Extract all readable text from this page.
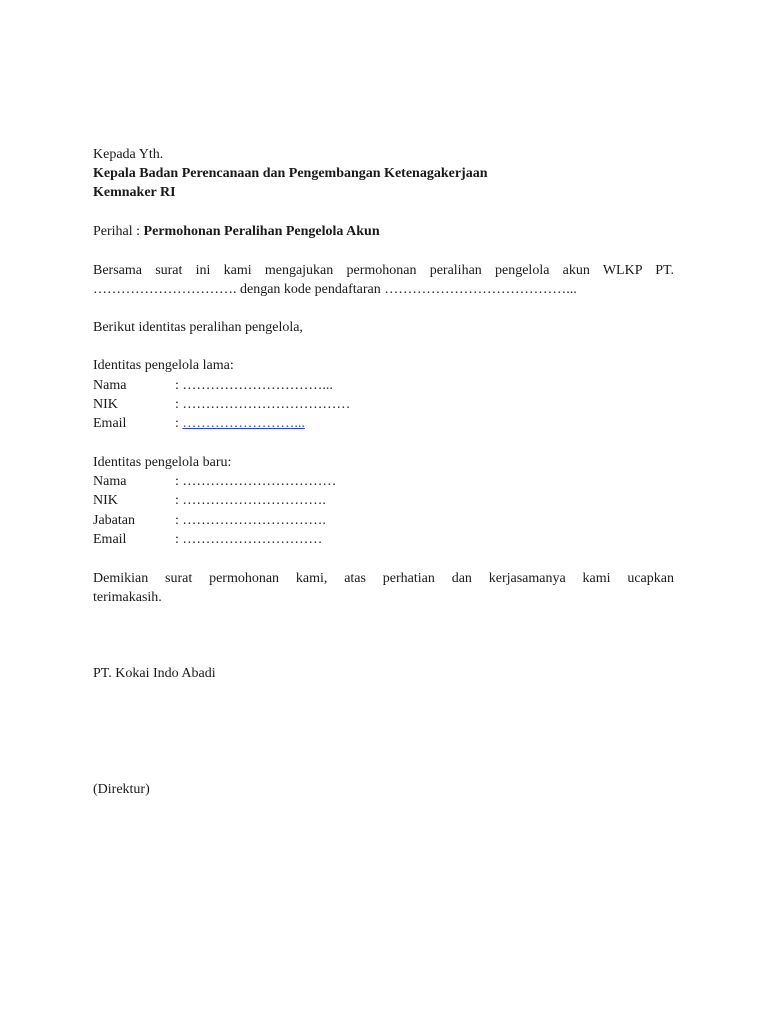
Kepada Yth.
Kepala Badan Perencanaan dan Pengembangan Ketenagakerjaan
Kemnaker RI
Perihal : Permohonan Peralihan Pengelola Akun
Bersama surat ini kami mengajukan permohonan peralihan pengelola akun WLKP PT.
…………………………. dengan kode pendaftaran …………………………………...
Berikut identitas peralihan pengelola,
Identitas pengelola lama:
Nama	: …………………………...
NIK	: ………………………………
Email	: ……………………...
Identitas pengelola baru:
Nama	: ……………………………
NIK	: ………………………….
Jabatan	: ………………………….
Email	: …………………………
Demikian surat permohonan kami, atas perhatian dan kerjasamanya kami ucapkan
terimakasih.
PT. Kokai Indo Abadi
(Direktur)
